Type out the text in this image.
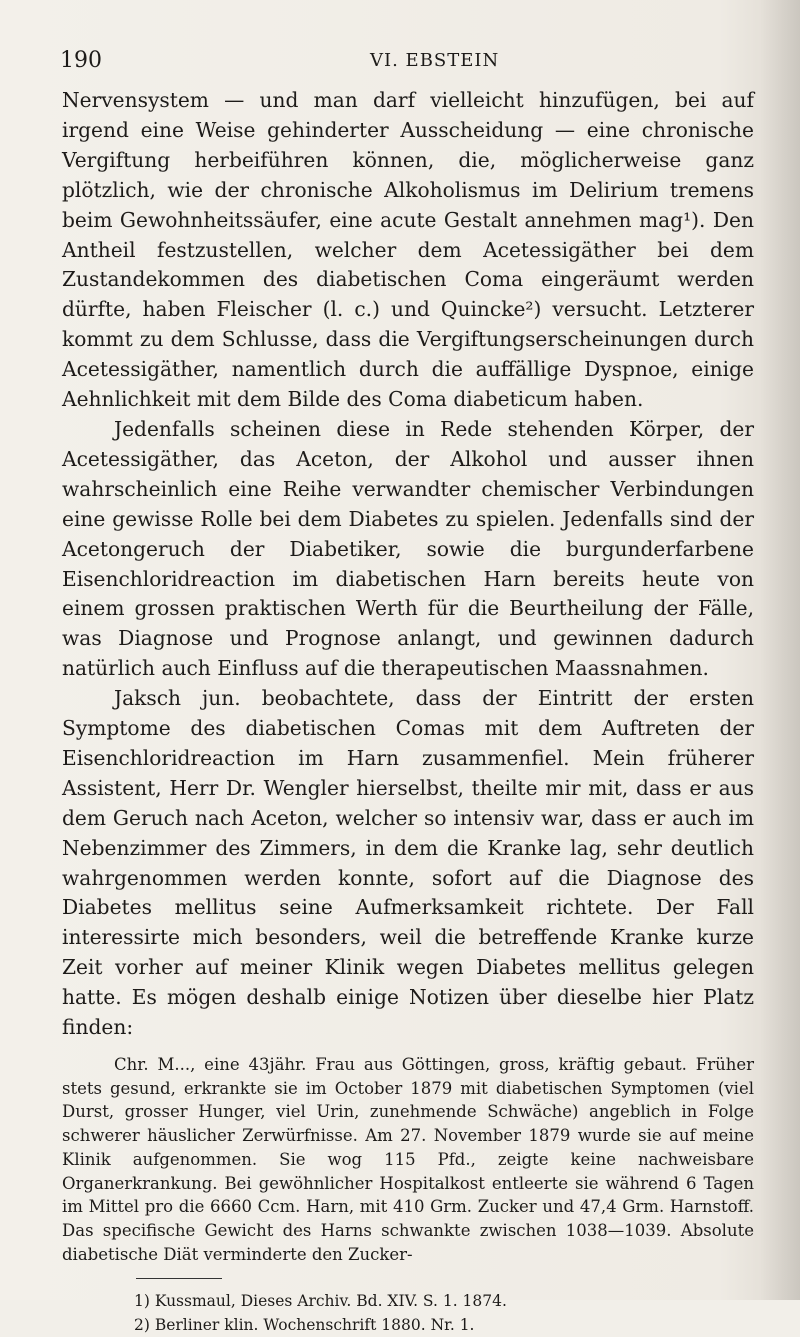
190	VI. EBSTEIN

Nervensystem — und man darf vielleicht hinzufügen, bei auf irgend eine Weise gehinderter Ausscheidung — eine chronische Vergiftung herbeiführen können, die, möglicherweise ganz plötzlich, wie der chronische Alkoholismus im Delirium tremens beim Gewohnheitssäufer, eine acute Gestalt annehmen mag¹). Den Antheil festzustellen, welcher dem Acetessigäther bei dem Zustandekommen des diabetischen Coma eingeräumt werden dürfte, haben Fleischer (l. c.) und Quincke²) versucht. Letzterer kommt zu dem Schlusse, dass die Vergiftungserscheinungen durch Acetessigäther, namentlich durch die auffällige Dyspnoe, einige Aehnlichkeit mit dem Bilde des Coma diabeticum haben.

Jedenfalls scheinen diese in Rede stehenden Körper, der Acetessigäther, das Aceton, der Alkohol und ausser ihnen wahrscheinlich eine Reihe verwandter chemischer Verbindungen eine gewisse Rolle bei dem Diabetes zu spielen. Jedenfalls sind der Acetongeruch der Diabetiker, sowie die burgunderfarbene Eisenchloridreaction im diabetischen Harn bereits heute von einem grossen praktischen Werth für die Beurtheilung der Fälle, was Diagnose und Prognose anlangt, und gewinnen dadurch natürlich auch Einfluss auf die therapeutischen Maassnahmen.

Jaksch jun. beobachtete, dass der Eintritt der ersten Symptome des diabetischen Comas mit dem Auftreten der Eisenchloridreaction im Harn zusammenfiel. Mein früherer Assistent, Herr Dr. Wengler hierselbst, theilte mir mit, dass er aus dem Geruch nach Aceton, welcher so intensiv war, dass er auch im Nebenzimmer des Zimmers, in dem die Kranke lag, sehr deutlich wahrgenommen werden konnte, sofort auf die Diagnose des Diabetes mellitus seine Aufmerksamkeit richtete. Der Fall interessirte mich besonders, weil die betreffende Kranke kurze Zeit vorher auf meiner Klinik wegen Diabetes mellitus gelegen hatte. Es mögen deshalb einige Notizen über dieselbe hier Platz finden:

Chr. M..., eine 43jähr. Frau aus Göttingen, gross, kräftig gebaut. Früher stets gesund, erkrankte sie im October 1879 mit diabetischen Symptomen (viel Durst, grosser Hunger, viel Urin, zunehmende Schwäche) angeblich in Folge schwerer häuslicher Zerwürfnisse. Am 27. November 1879 wurde sie auf meine Klinik aufgenommen. Sie wog 115 Pfd., zeigte keine nachweisbare Organerkrankung. Bei gewöhnlicher Hospitalkost entleerte sie während 6 Tagen im Mittel pro die 6660 Ccm. Harn, mit 410 Grm. Zucker und 47,4 Grm. Harnstoff. Das specifische Gewicht des Harns schwankte zwischen 1038—1039. Absolute diabetische Diät verminderte den Zucker-

1) Kussmaul, Dieses Archiv. Bd. XIV. S. 1. 1874.

2) Berliner klin. Wochenschrift 1880. Nr. 1.
